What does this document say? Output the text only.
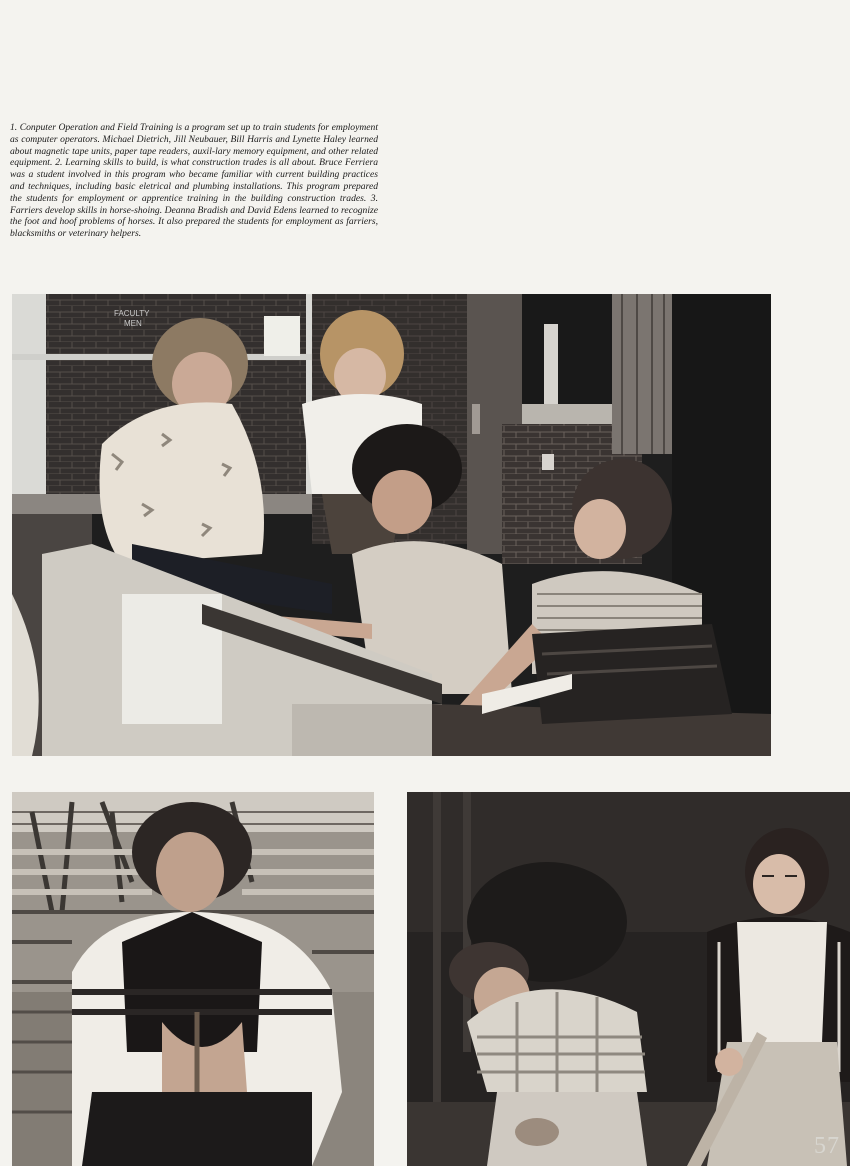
1. Conputer Operation and Field Training is a program set up to train students for employment as computer operators. Michael Dietrich, Jill Neubauer, Bill Harris and Lynette Haley learned about magnetic tape units, paper tape readers, auxil-lary memory equipment, and other related equipment. 2. Learning skills to build, is what construction trades is all about. Bruce Ferriera was a student involved in this program who became familiar with current building practices and techniques, including basic eletrical and plumbing installations. This program prepared the students for employment or apprentice training in the building construction trades. 3. Farriers develop skills in horse-shoing. Deanna Bradish and David Edens learned to recognize the foot and hoof problems of horses. It also prepared the students for employment as farriers, blacksmiths or veterinary helpers.

FACULTY
MEN
57
